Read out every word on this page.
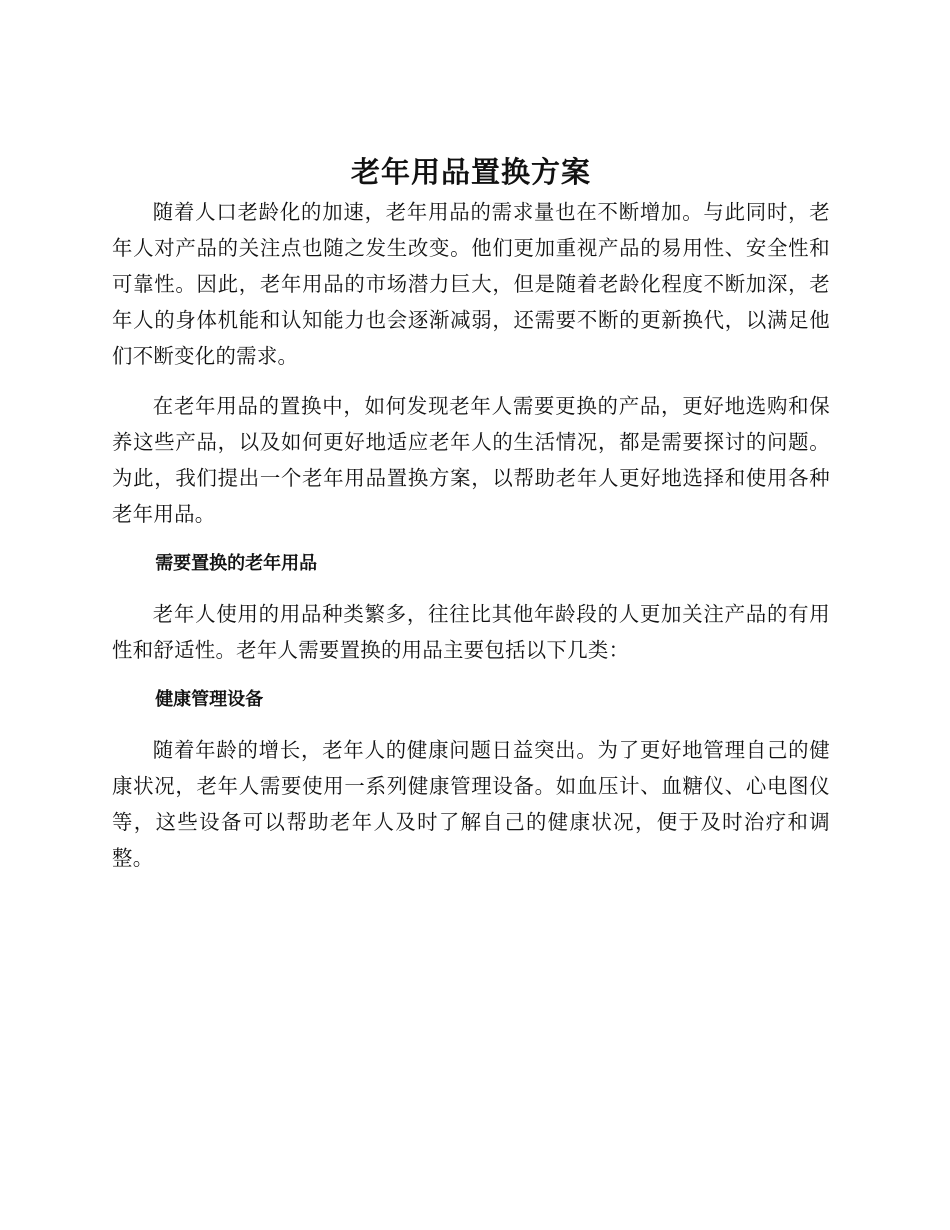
老年用品置换方案

随着人口老龄化的加速，老年用品的需求量也在不断增加。与此同时，老年人对产品的关注点也随之发生改变。他们更加重视产品的易用性、安全性和可靠性。因此，老年用品的市场潜力巨大，但是随着老龄化程度不断加深，老年人的身体机能和认知能力也会逐渐减弱，还需要不断的更新换代，以满足他们不断变化的需求。

在老年用品的置换中，如何发现老年人需要更换的产品，更好地选购和保养这些产品，以及如何更好地适应老年人的生活情况，都是需要探讨的问题。为此，我们提出一个老年用品置换方案，以帮助老年人更好地选择和使用各种老年用品。

需要置换的老年用品

老年人使用的用品种类繁多，往往比其他年龄段的人更加关注产品的有用性和舒适性。老年人需要置换的用品主要包括以下几类：

健康管理设备

随着年龄的增长，老年人的健康问题日益突出。为了更好地管理自己的健康状况，老年人需要使用一系列健康管理设备。如血压计、血糖仪、心电图仪等，这些设备可以帮助老年人及时了解自己的健康状况，便于及时治疗和调整。
